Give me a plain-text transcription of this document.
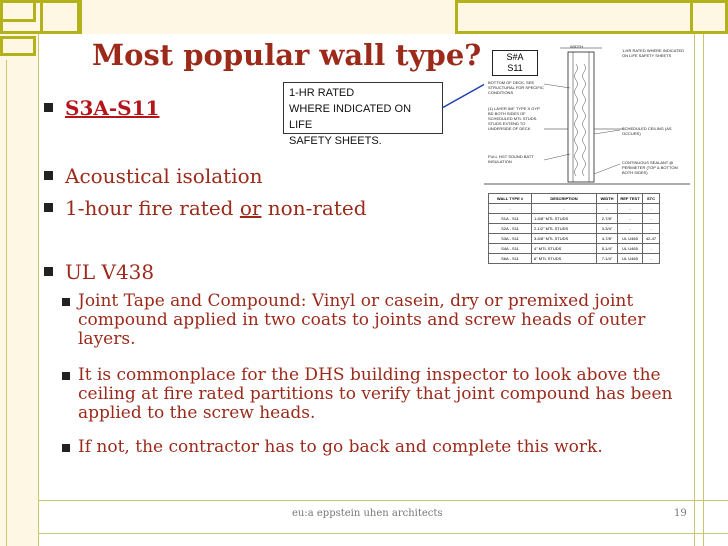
Most popular wall type?
S3A-S11
Acoustical isolation
1-hour fire rated or non-rated
UL V438
Joint Tape and Compound: Vinyl or casein, dry or premixed joint compound applied in two coats to joints and screw heads of outer layers.
It is commonplace for the DHS building inspector to look above the ceiling at fire rated partitions to verify that joint compound has been applied to the screw heads.
If not, the contractor has to go back and complete this work.
1-HR RATED
WHERE INDICATED ON LIFE
SAFETY SHEETS.
WIDTH
BOTTOM OF DECK, SEE STRUCTURAL FOR SPECIFIC CONDITIONS
(1) LAYER 5/8" TYPE X GYP BD BOTH SIDES OF SCHEDULED MTL STUDS. STUDS EXTEND TO UNDERSIDE OF DECK
FULL HGT SOUND BATT INSULATION
1-HR RATED WHERE INDICATED ON LIFE SAFETY SHEETS
SCHEDULED CEILING (AS OCCURS)
CONTINUOUS SEALANT @ PERIMETER (TOP & BOTTOM BOTH SIDES)
S#A
S11
WALL TYPE #	DESCRIPTION	WIDTH	REF TEST	STC
-	-	-	-	-
S1A - S11	1-5/8" MTL STUDS	2-7/8"	-	-
S2A - S11	2-1/2" MTL STUDS	3-3/4"	-	-
S3A - S11	3-5/8" MTL STUDS	4-7/8"	UL U465	42-47
S4A - S11	4" MTL STUDS	5-1/4"	UL U465	-
S6A - S11	6" MTL STUDS	7-1/4"	UL U465	-
eu:a eppstein uhen architects	19
